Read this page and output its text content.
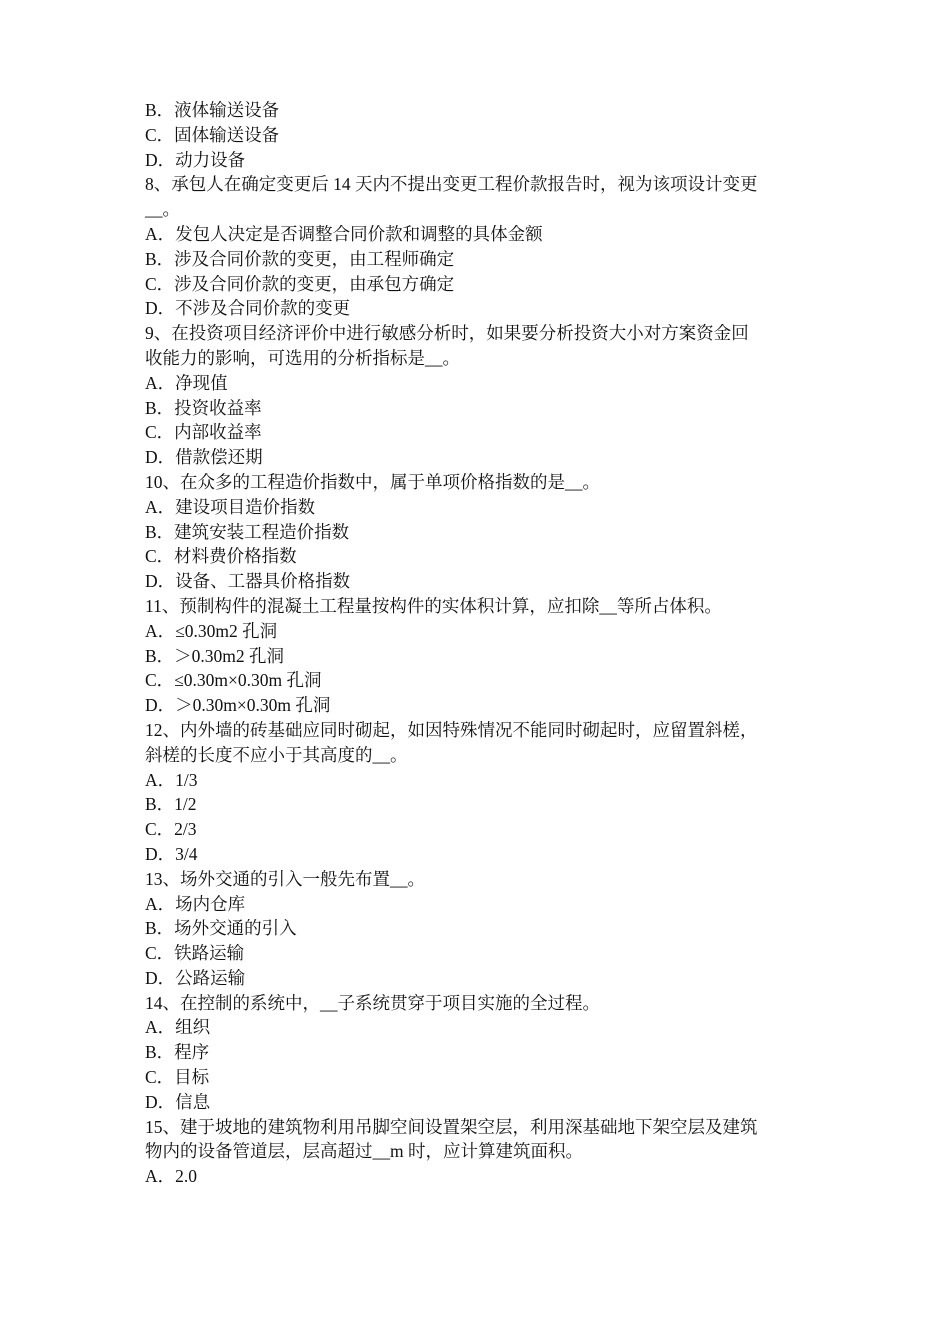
B．液体输送设备
C．固体输送设备
D．动力设备
8、承包人在确定变更后 14 天内不提出变更工程价款报告时，视为该项设计变更
__。
A．发包人决定是否调整合同价款和调整的具体金额
B．涉及合同价款的变更，由工程师确定
C．涉及合同价款的变更，由承包方确定
D．不涉及合同价款的变更
9、在投资项目经济评价中进行敏感分析时，如果要分析投资大小对方案资金回
收能力的影响，可选用的分析指标是__。
A．净现值
B．投资收益率
C．内部收益率
D．借款偿还期
10、在众多的工程造价指数中，属于单项价格指数的是__。
A．建设项目造价指数
B．建筑安装工程造价指数
C．材料费价格指数
D．设备、工器具价格指数
11、预制构件的混凝土工程量按构件的实体积计算，应扣除__等所占体积。
A．≤0.30m2 孔洞
B．＞0.30m2 孔洞
C．≤0.30m×0.30m 孔洞
D．＞0.30m×0.30m 孔洞
12、内外墙的砖基础应同时砌起，如因特殊情况不能同时砌起时，应留置斜槎，
斜槎的长度不应小于其高度的__。
A．1/3
B．1/2
C．2/3
D．3/4
13、场外交通的引入一般先布置__。
A．场内仓库
B．场外交通的引入
C．铁路运输
D．公路运输
14、在控制的系统中，__子系统贯穿于项目实施的全过程。
A．组织
B．程序
C．目标
D．信息
15、建于坡地的建筑物利用吊脚空间设置架空层，利用深基础地下架空层及建筑
物内的设备管道层，层高超过__m 时，应计算建筑面积。
A．2.0
